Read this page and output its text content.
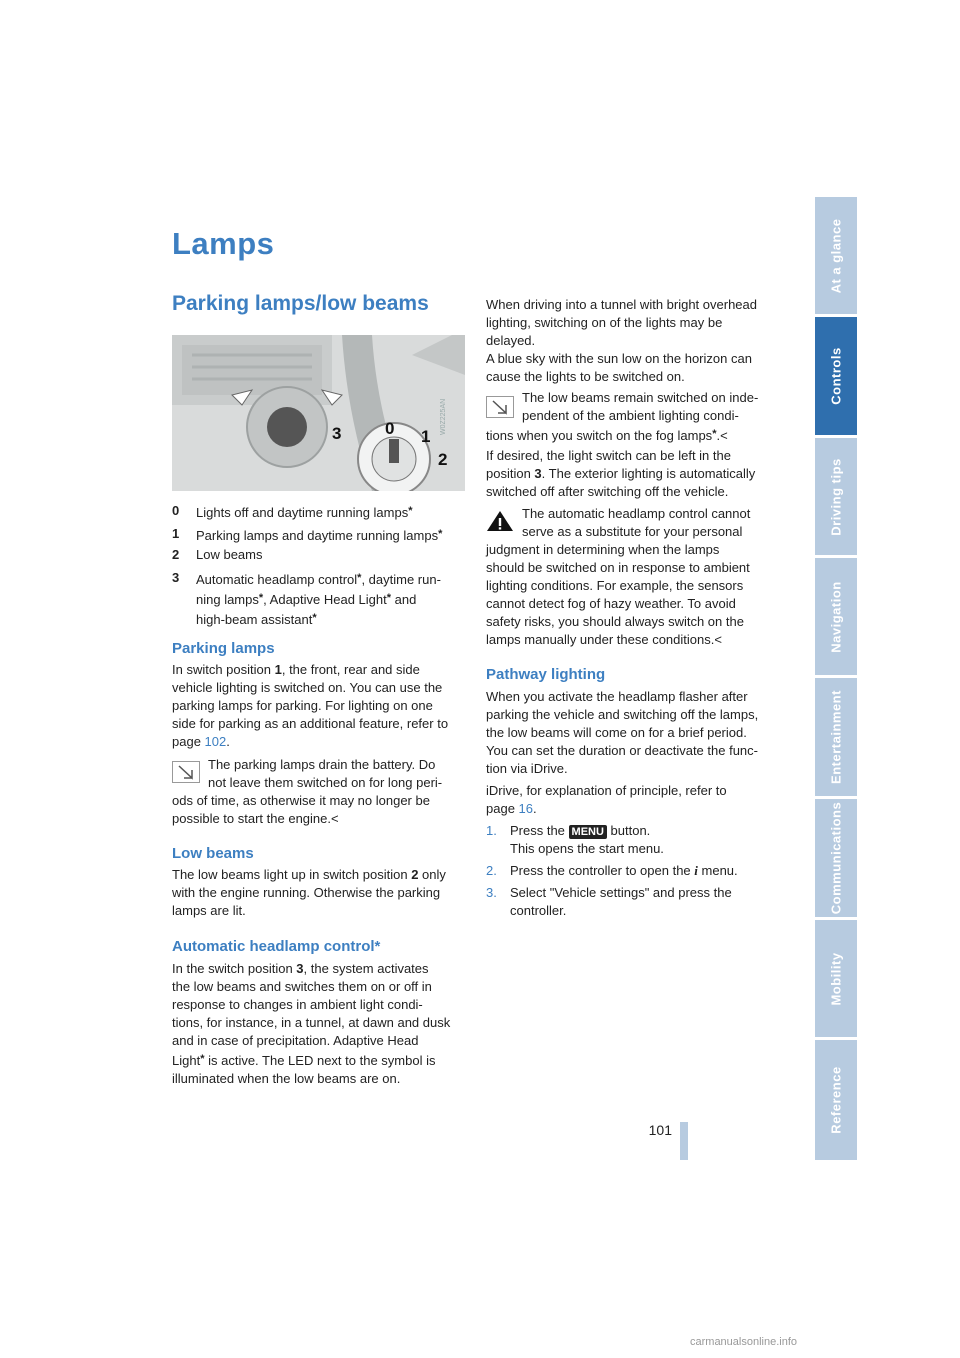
Lamps
Parking lamps/low beams
3	0 1
2
W0Z225AN
0 Lights off and daytime running lamps*
1 Parking lamps and daytime running lamps*
2 Low beams
3 Automatic headlamp control*, daytime run-
ning lamps*, Adaptive Head Light* and
high-beam assistant*
Parking lamps
In switch position 1, the front, rear and side
vehicle lighting is switched on. You can use the
parking lamps for parking. For lighting on one
side for parking as an additional feature, refer to
page 102.
The parking lamps drain the battery. Do
not leave them switched on for long peri-
ods of time, as otherwise it may no longer be
possible to start the engine.<
Low beams
The low beams light up in switch position 2 only
with the engine running. Otherwise the parking
lamps are lit.
Automatic headlamp control*
In the switch position 3, the system activates
the low beams and switches them on or off in
response to changes in ambient light condi-
tions, for instance, in a tunnel, at dawn and dusk
and in case of precipitation. Adaptive Head
Light* is active. The LED next to the symbol is
illuminated when the low beams are on.
When driving into a tunnel with bright overhead
lighting, switching on of the lights may be
delayed.
A blue sky with the sun low on the horizon can
cause the lights to be switched on.
The low beams remain switched on inde-
pendent of the ambient lighting condi-
tions when you switch on the fog lamps*.<
If desired, the light switch can be left in the
position 3. The exterior lighting is automatically
switched off after switching off the vehicle.
The automatic headlamp control cannot
serve as a substitute for your personal
judgment in determining when the lamps
should be switched on in response to ambient
lighting conditions. For example, the sensors
cannot detect fog of hazy weather. To avoid
safety risks, you should always switch on the
lamps manually under these conditions.<
Pathway lighting
When you activate the headlamp flasher after
parking the vehicle and switching off the lamps,
the low beams will come on for a brief period.
You can set the duration or deactivate the func-
tion via iDrive.
iDrive, for explanation of principle, refer to
page 16.
1. Press the MENU button.
This opens the start menu.
2. Press the controller to open the i menu.
3. Select "Vehicle settings" and press the
controller.
At a glance
Controls
Driving tips
Navigation
Entertainment
Communications
Mobility
Reference
101
carmanualsonline.info
